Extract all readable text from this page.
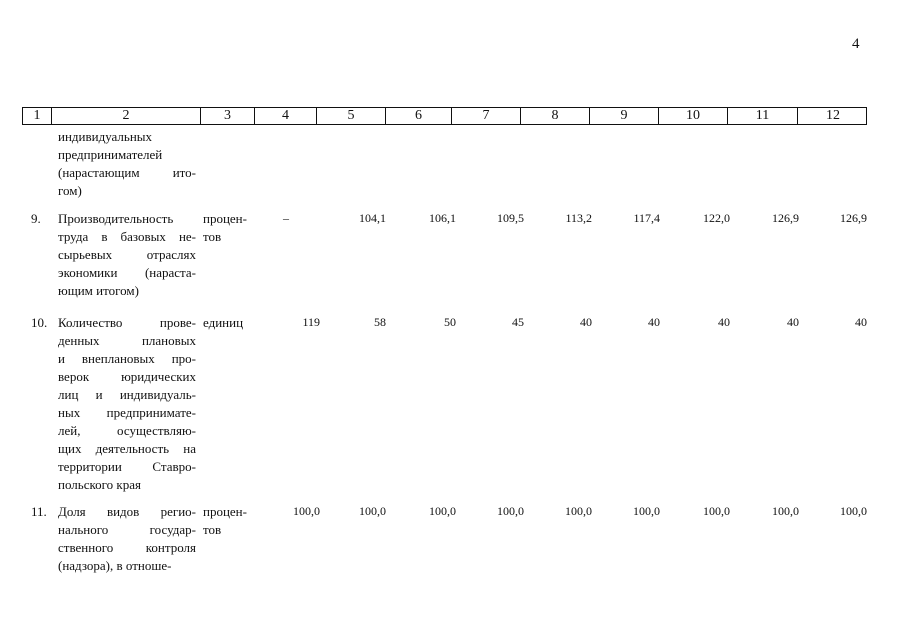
4
1	2	3	4	5	6	7	8	9	10	11	12
индивидуальных
предпринимателей
(нарастающим ито-
гом)
9. Производительность
труда в базовых не-
сырьевых отраслях
экономики (нараста-
ющим итогом)
процен-
тов
–	104,1	106,1	109,5	113,2	117,4	122,0	126,9	126,9
10. Количество прове-
денных плановых
и внеплановых про-
верок юридических
лиц и индивидуаль-
ных предпринимате-
лей, осуществляю-
щих деятельность на
территории Ставро-
польского края
единиц	119	58	50	45	40	40	40	40	40
11. Доля видов регио-
нального государ-
ственного контроля
(надзора), в отноше-
процен-
тов
100,0	100,0	100,0	100,0	100,0	100,0	100,0	100,0	100,0
